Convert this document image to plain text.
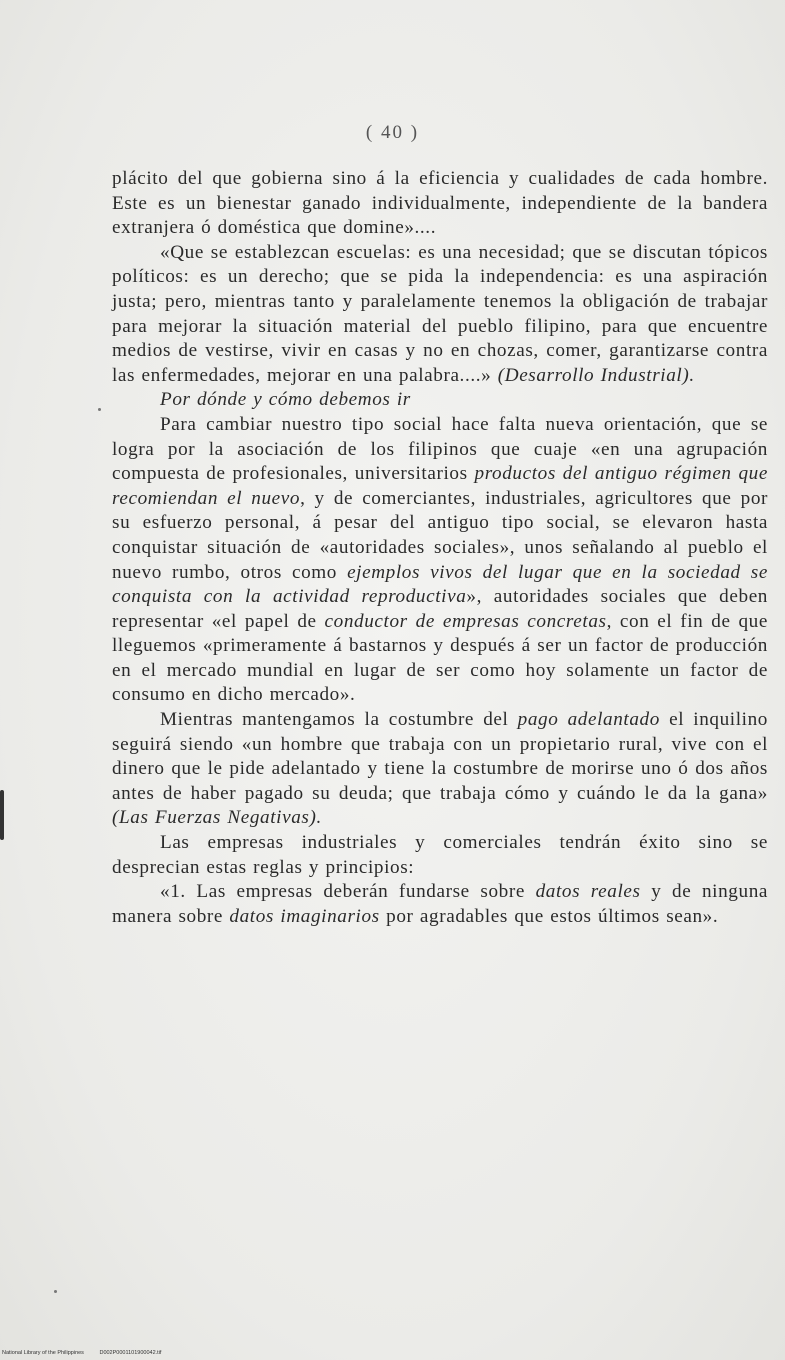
( 40 )

plácito del que gobierna sino á la eficiencia y cualidades de cada hombre. Este es un bienestar ganado individualmente, independiente de la bandera extranjera ó doméstica que domine»....

«Que se establezcan escuelas: es una necesidad; que se discutan tópicos políticos: es un derecho; que se pida la independencia: es una aspiración justa; pero, mientras tanto y paralelamente tenemos la obligación de trabajar para mejorar la situación material del pueblo filipino, para que encuentre medios de vestirse, vivir en casas y no en chozas, comer, garantizarse contra las enfermedades, mejorar en una palabra....» (Desarrollo Industrial).

Por dónde y cómo debemos ir

Para cambiar nuestro tipo social hace falta nueva orientación, que se logra por la asociación de los filipinos que cuaje «en una agrupación compuesta de profesionales, universitarios productos del antiguo régimen que recomiendan el nuevo, y de comerciantes, industriales, agricultores que por su esfuerzo personal, á pesar del antiguo tipo social, se elevaron hasta conquistar situación de «autoridades sociales», unos señalando al pueblo el nuevo rumbo, otros como ejemplos vivos del lugar que en la sociedad se conquista con la actividad reproductiva», autoridades sociales que deben representar «el papel de conductor de empresas concretas, con el fin de que lleguemos «primeramente á bastarnos y después á ser un factor de producción en el mercado mundial en lugar de ser como hoy solamente un factor de consumo en dicho mercado».

Mientras mantengamos la costumbre del pago adelantado el inquilino seguirá siendo «un hombre que trabaja con un propietario rural, vive con el dinero que le pide adelantado y tiene la costumbre de morirse uno ó dos años antes de haber pagado su deuda; que trabaja cómo y cuándo le da la gana» (Las Fuerzas Negativas).

Las empresas industriales y comerciales tendrán éxito sino se desprecian estas reglas y principios:

«1. Las empresas deberán fundarse sobre datos reales y de ninguna manera sobre datos imaginarios por agradables que estos últimos sean».

National Library of the Philippines	D002P0001101900042.tif
